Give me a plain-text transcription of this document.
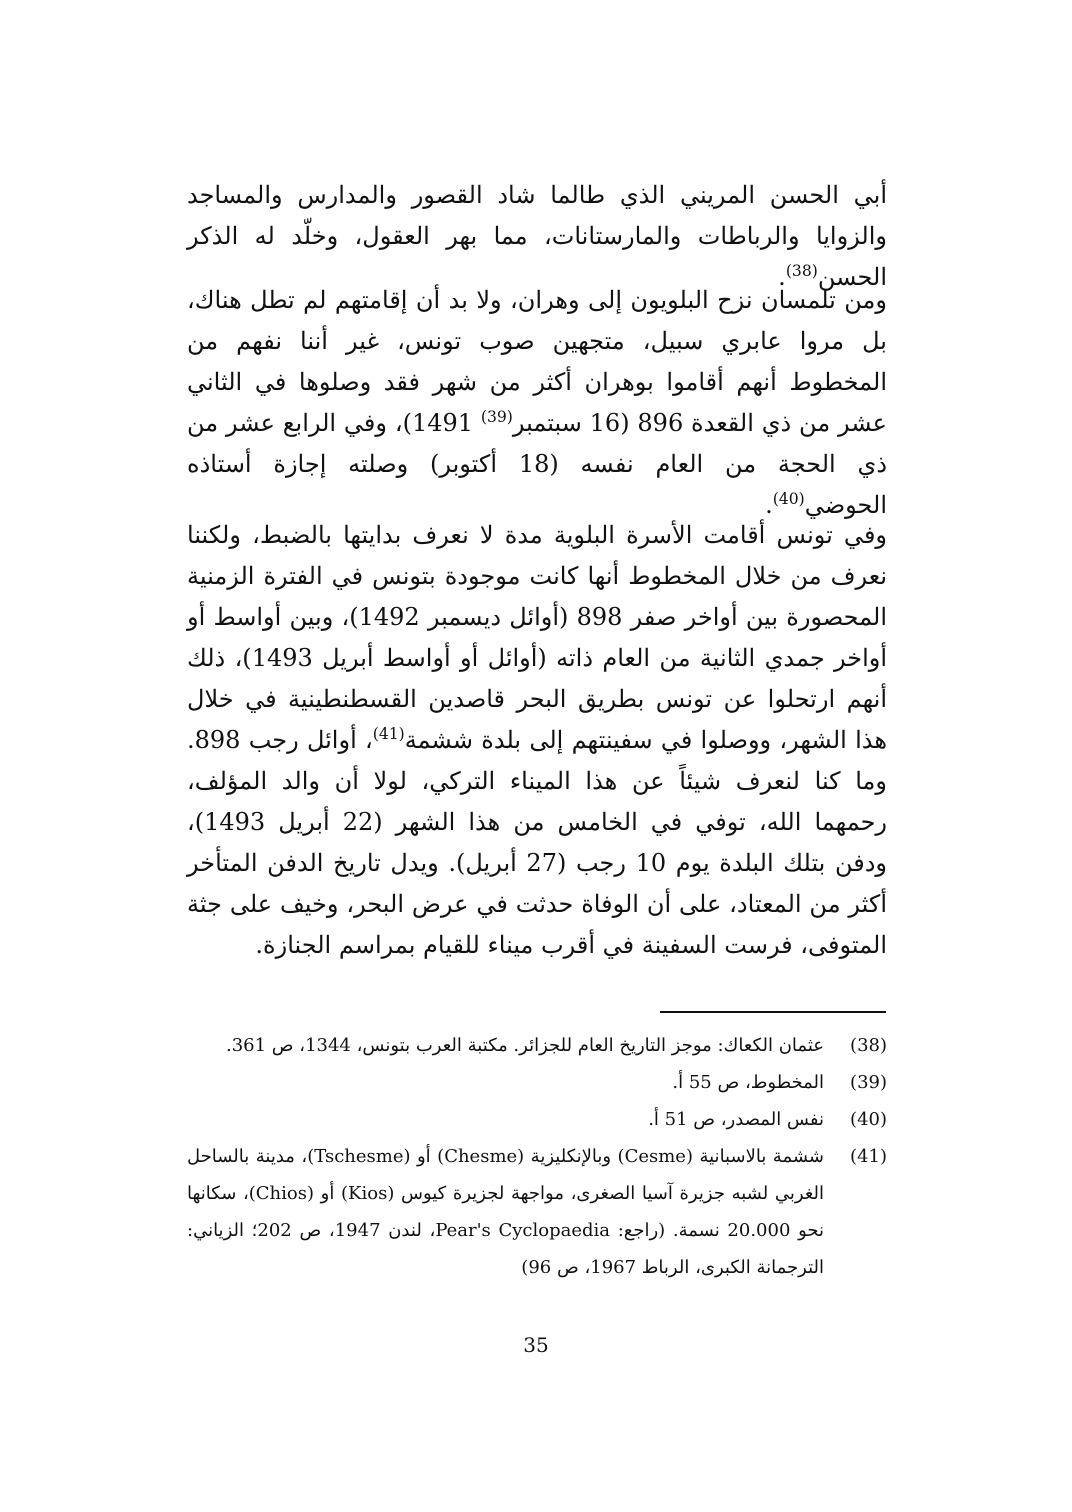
أبي الحسن المريني الذي طالما شاد القصور والمدارس والمساجد والزوايا والرباطات والمارستانات، مما بهر العقول، وخلّد له الذكر الحسن$^{(38)}$.

ومن تلمسان نزح البلويون إلى وهران، ولا بد أن إقامتهم لم تطل هناك، بل مروا عابري سبيل، متجهين صوب تونس، غير أننا نفهم من المخطوط أنهم أقاموا بوهران أكثر من شهر فقد وصلوها في الثاني عشر من ذي القعدة 896 (16 سبتمبر$^{(39)}$ 1491)، وفي الرابع عشر من ذي الحجة من العام نفسه (18 أكتوبر) وصلته إجازة أستاذه الحوضي$^{(40)}$.

وفي تونس أقامت الأسرة البلوية مدة لا نعرف بدايتها بالضبط، ولكننا نعرف من خلال المخطوط أنها كانت موجودة بتونس في الفترة الزمنية المحصورة بين أواخر صفر 898 (أوائل ديسمبر 1492)، وبين أواسط أو أواخر جمدي الثانية من العام ذاته (أوائل أو أواسط أبريل 1493)، ذلك أنهم ارتحلوا عن تونس بطريق البحر قاصدين القسطنطينية في خلال هذا الشهر، ووصلوا في سفينتهم إلى بلدة ششمة$^{(41)}$، أوائل رجب 898. وما كنا لنعرف شيئاً عن هذا الميناء التركي، لولا أن والد المؤلف، رحمهما الله، توفي في الخامس من هذا الشهر (22 أبريل 1493)، ودفن بتلك البلدة يوم 10 رجب (27 أبريل). ويدل تاريخ الدفن المتأخر أكثر من المعتاد، على أن الوفاة حدثت في عرض البحر، وخيف على جثة المتوفى، فرست السفينة في أقرب ميناء للقيام بمراسم الجنازة.

(38)
عثمان الكعاك: موجز التاريخ العام للجزائر. مكتبة العرب بتونس، 1344، ص 361.
(39)
المخطوط، ص 55 أ.
(40)
نفس المصدر، ص 51 أ.
(41)
ششمة بالاسبانية (Cesme) وبالإنكليزية (Chesme) أو (Tschesme)، مدينة بالساحل الغربي لشبه جزيرة آسيا الصغرى، مواجهة لجزيرة كيوس (Kios) أو (Chios)، سكانها نحو 20.000 نسمة. (راجع: Pear's Cyclopaedia، لندن 1947، ص 202؛ الزياني: الترجمانة الكبرى، الرباط 1967، ص 96)
35
